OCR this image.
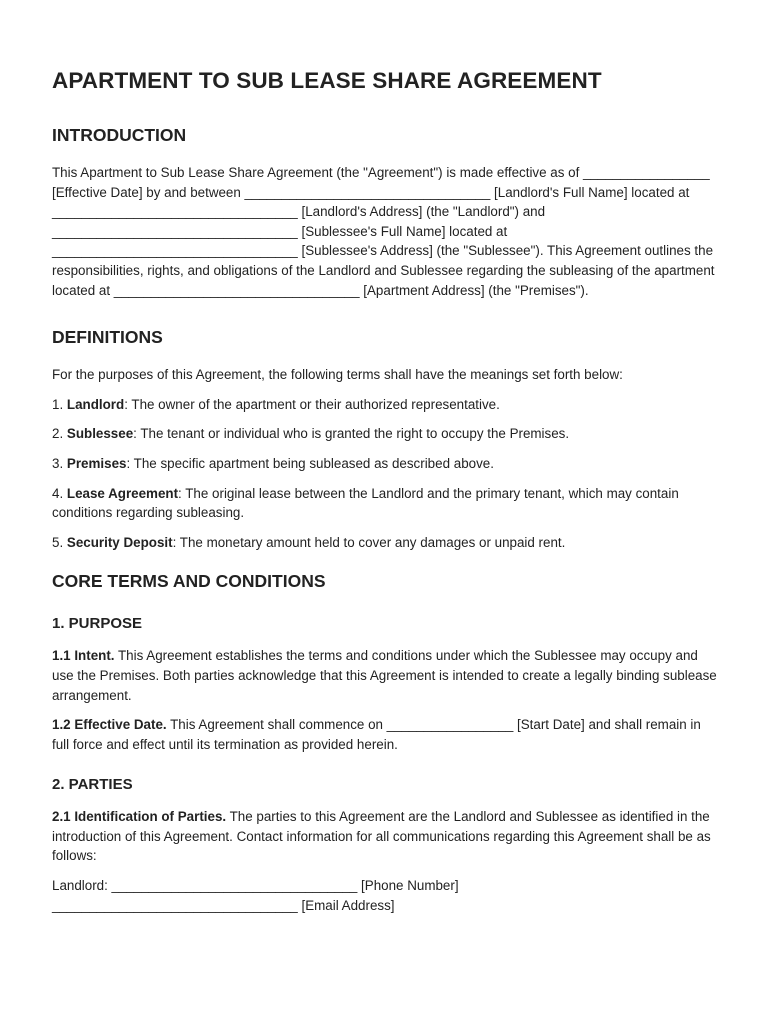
APARTMENT TO SUB LEASE SHARE AGREEMENT
INTRODUCTION

This Apartment to Sub Lease Share Agreement (the "Agreement") is made effective as of _________________ [Effective Date] by and between _________________________________ [Landlord's Full Name] located at _________________________________ [Landlord's Address] (the "Landlord") and _________________________________ [Sublessee's Full Name] located at _________________________________ [Sublessee's Address] (the "Sublessee"). This Agreement outlines the responsibilities, rights, and obligations of the Landlord and Sublessee regarding the subleasing of the apartment located at _________________________________ [Apartment Address] (the "Premises").

DEFINITIONS

For the purposes of this Agreement, the following terms shall have the meanings set forth below:

1. Landlord: The owner of the apartment or their authorized representative.

2. Sublessee: The tenant or individual who is granted the right to occupy the Premises.

3. Premises: The specific apartment being subleased as described above.

4. Lease Agreement: The original lease between the Landlord and the primary tenant, which may contain conditions regarding subleasing.

5. Security Deposit: The monetary amount held to cover any damages or unpaid rent.

CORE TERMS AND CONDITIONS
1. PURPOSE

1.1 Intent. This Agreement establishes the terms and conditions under which the Sublessee may occupy and use the Premises. Both parties acknowledge that this Agreement is intended to create a legally binding sublease arrangement.

1.2 Effective Date. This Agreement shall commence on _________________ [Start Date] and shall remain in full force and effect until its termination as provided herein.

2. PARTIES

2.1 Identification of Parties. The parties to this Agreement are the Landlord and Sublessee as identified in the introduction of this Agreement. Contact information for all communications regarding this Agreement shall be as follows:

Landlord: _________________________________ [Phone Number]

_________________________________ [Email Address]
